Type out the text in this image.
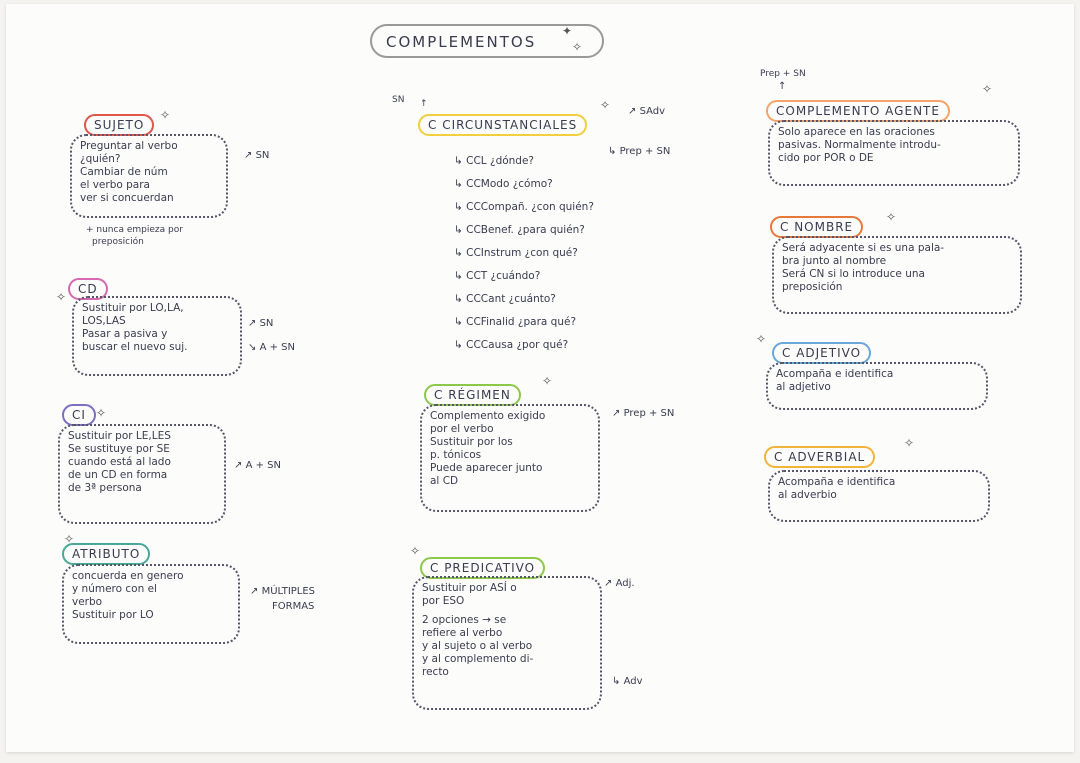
COMPLEMENTOS
✦
✧
SUJETO
✧
Preguntar al verbo
¿quién?
Cambiar de núm
el verbo para
ver si concuerdan
+ nunca empieza por
preposición
↗ SN
CD
✧
Sustituir por LO,LA,
LOS,LAS
Pasar a pasiva y
buscar el nuevo suj.
↗ SN
↘ A + SN
CI ✧
Sustituir por LE,LES
Se sustituye por SE
cuando está al lado
de un CD en forma
de 3ª persona
↗ A + SN
✧
ATRIBUTO
concuerda en genero
y número con el
verbo
Sustituir por LO
↗ MÚLTIPLES
FORMAS
SN ↑
C CIRCUNSTANCIALES
✧ ↗ SAdv
↳ Prep + SN
↳ CCL ¿dónde?
↳ CCModo ¿cómo?
↳ CCCompañ. ¿con quién?
↳ CCBenef. ¿para quién?
↳ CCInstrum ¿con qué?
↳ CCT ¿cuándo?
↳ CCCant ¿cuánto?
↳ CCFinalid ¿para qué?
↳ CCCausa ¿por qué?
C RÉGIMEN
✧
Complemento exigido
por el verbo
Sustituir por los
p. tónicos
Puede aparecer junto
al CD
↗ Prep + SN
✧
C PREDICATIVO
Sustituir por ASÍ o
por ESO
2 opciones → se
refiere al verbo
y al sujeto o al verbo
y al complemento di-
recto
↗ Adj.
↳ Adv
Prep + SN
↑
COMPLEMENTO AGENTE
✧
Solo aparece en las oraciones
pasivas. Normalmente introdu-
cido por POR o DE
C NOMBRE
✧
Será adyacente si es una pala-
bra junto al nombre
Será CN si lo introduce una
preposición
✧
C ADJETIVO
Acompaña e identifica
al adjetivo
C ADVERBIAL
✧
Acompaña e identifica
al adverbio
